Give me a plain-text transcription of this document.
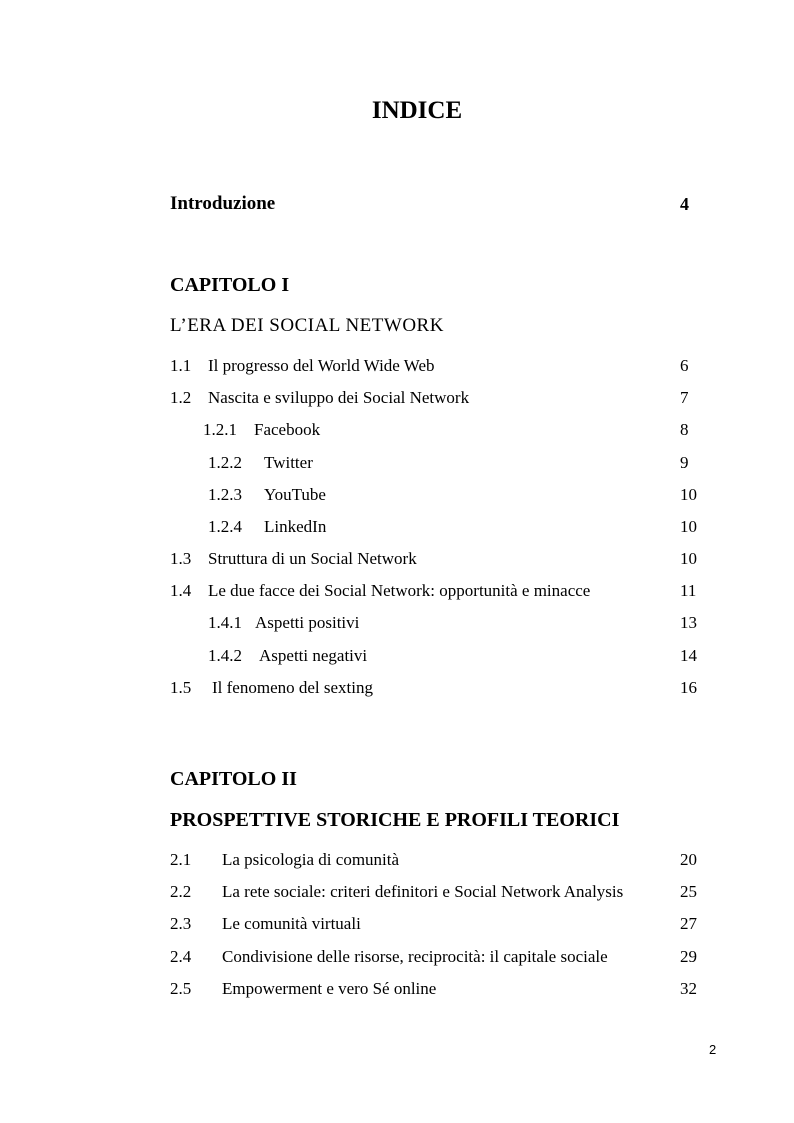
INDICE
Introduzione	4
CAPITOLO I
L’ERA DEI SOCIAL NETWORK
1.1 Il progresso del World Wide Web	6
1.2 Nascita e sviluppo dei Social Network	7
1.2.1 Facebook	8
1.2.2 Twitter	9
1.2.3 YouTube	10
1.2.4 LinkedIn	10
1.3 Struttura di un Social Network	10
1.4 Le due facce dei Social Network: opportunità e minacce	11
1.4.1 Aspetti positivi	13
1.4.2 Aspetti negativi	14
1.5 Il fenomeno del sexting	16
CAPITOLO II
PROSPETTIVE STORICHE E PROFILI TEORICI
2.1 La psicologia di comunità	20
2.2 La rete sociale: criteri definitori e Social Network Analysis	25
2.3 Le comunità virtuali	27
2.4 Condivisione delle risorse, reciprocità: il capitale sociale	29
2.5 Empowerment e vero Sé online	32
2
